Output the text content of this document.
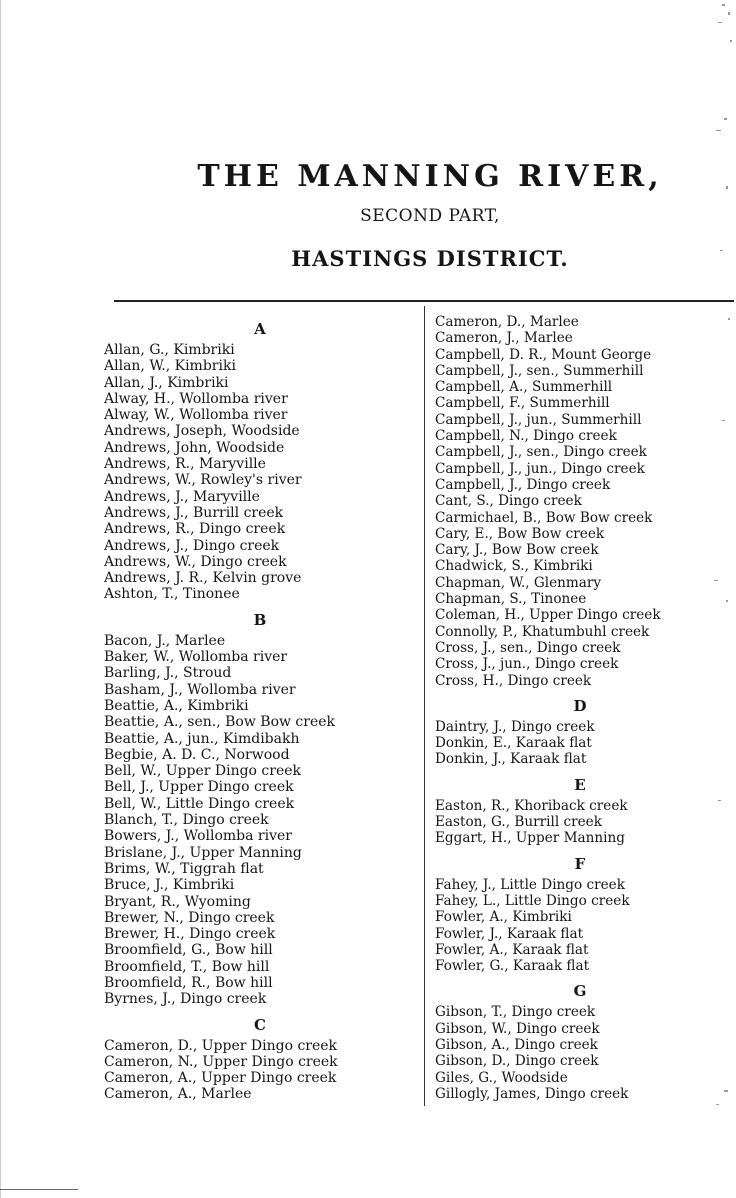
THE MANNING RIVER,
SECOND PART,
HASTINGS DISTRICT.
A
Allan, G., Kimbriki
Allan, W., Kimbriki
Allan, J., Kimbriki
Alway, H., Wollomba river
Alway, W., Wollomba river
Andrews, Joseph, Woodside
Andrews, John, Woodside
Andrews, R., Maryville
Andrews, W., Rowley's river
Andrews, J., Maryville
Andrews, J., Burrill creek
Andrews, R., Dingo creek
Andrews, J., Dingo creek
Andrews, W., Dingo creek
Andrews, J. R., Kelvin grove
Ashton, T., Tinonee
B
Bacon, J., Marlee
Baker, W., Wollomba river
Barling, J., Stroud
Basham, J., Wollomba river
Beattie, A., Kimbriki
Beattie, A., sen., Bow Bow creek
Beattie, A., jun., Kimdibakh
Begbie, A. D. C., Norwood
Bell, W., Upper Dingo creek
Bell, J., Upper Dingo creek
Bell, W., Little Dingo creek
Blanch, T., Dingo creek
Bowers, J., Wollomba river
Brislane, J., Upper Manning
Brims, W., Tiggrah flat
Bruce, J., Kimbriki
Bryant, R., Wyoming
Brewer, N., Dingo creek
Brewer, H., Dingo creek
Broomfield, G., Bow hill
Broomfield, T., Bow hill
Broomfield, R., Bow hill
Byrnes, J., Dingo creek
C
Cameron, D., Upper Dingo creek
Cameron, N., Upper Dingo creek
Cameron, A., Upper Dingo creek
Cameron, A., Marlee
Cameron, D., Marlee
Cameron, J., Marlee
Campbell, D. R., Mount George
Campbell, J., sen., Summerhill
Campbell, A., Summerhill
Campbell, F., Summerhill
Campbell, J., jun., Summerhill
Campbell, N., Dingo creek
Campbell, J., sen., Dingo creek
Campbell, J., jun., Dingo creek
Campbell, J., Dingo creek
Cant, S., Dingo creek
Carmichael, B., Bow Bow creek
Cary, E., Bow Bow creek
Cary, J., Bow Bow creek
Chadwick, S., Kimbriki
Chapman, W., Glenmary
Chapman, S., Tinonee
Coleman, H., Upper Dingo creek
Connolly, P., Khatumbuhl creek
Cross, J., sen., Dingo creek
Cross, J., jun., Dingo creek
Cross, H., Dingo creek
D
Daintry, J., Dingo creek
Donkin, E., Karaak flat
Donkin, J., Karaak flat
E
Easton, R., Khoriback creek
Easton, G., Burrill creek
Eggart, H., Upper Manning
F
Fahey, J., Little Dingo creek
Fahey, L., Little Dingo creek
Fowler, A., Kimbriki
Fowler, J., Karaak flat
Fowler, A., Karaak flat
Fowler, G., Karaak flat
G
Gibson, T., Dingo creek
Gibson, W., Dingo creek
Gibson, A., Dingo creek
Gibson, D., Dingo creek
Giles, G., Woodside
Gillogly, James, Dingo creek
